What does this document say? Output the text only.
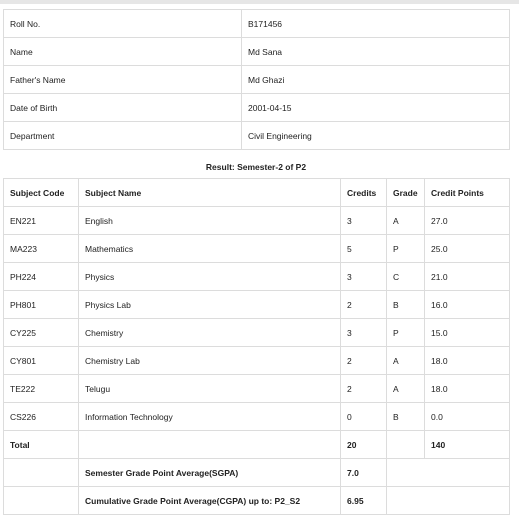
Roll No.	B171456
Name	Md Sana
Father's Name	Md Ghazi
Date of Birth	2001-04-15
Department	Civil Engineering
Result: Semester-2 of P2
Subject Code	Subject Name	Credits	Grade	Credit Points
EN221	English	3	A	27.0
MA223	Mathematics	5	P	25.0
PH224	Physics	3	C	21.0
PH801	Physics Lab	2	B	16.0
CY225	Chemistry	3	P	15.0
CY801	Chemistry Lab	2	A	18.0
TE222	Telugu	2	A	18.0
CS226	Information Technology	0	B	0.0
Total		20		140
	Semester Grade Point Average(SGPA)	7.0		
	Cumulative Grade Point Average(CGPA) up to: P2_S2	6.95		
